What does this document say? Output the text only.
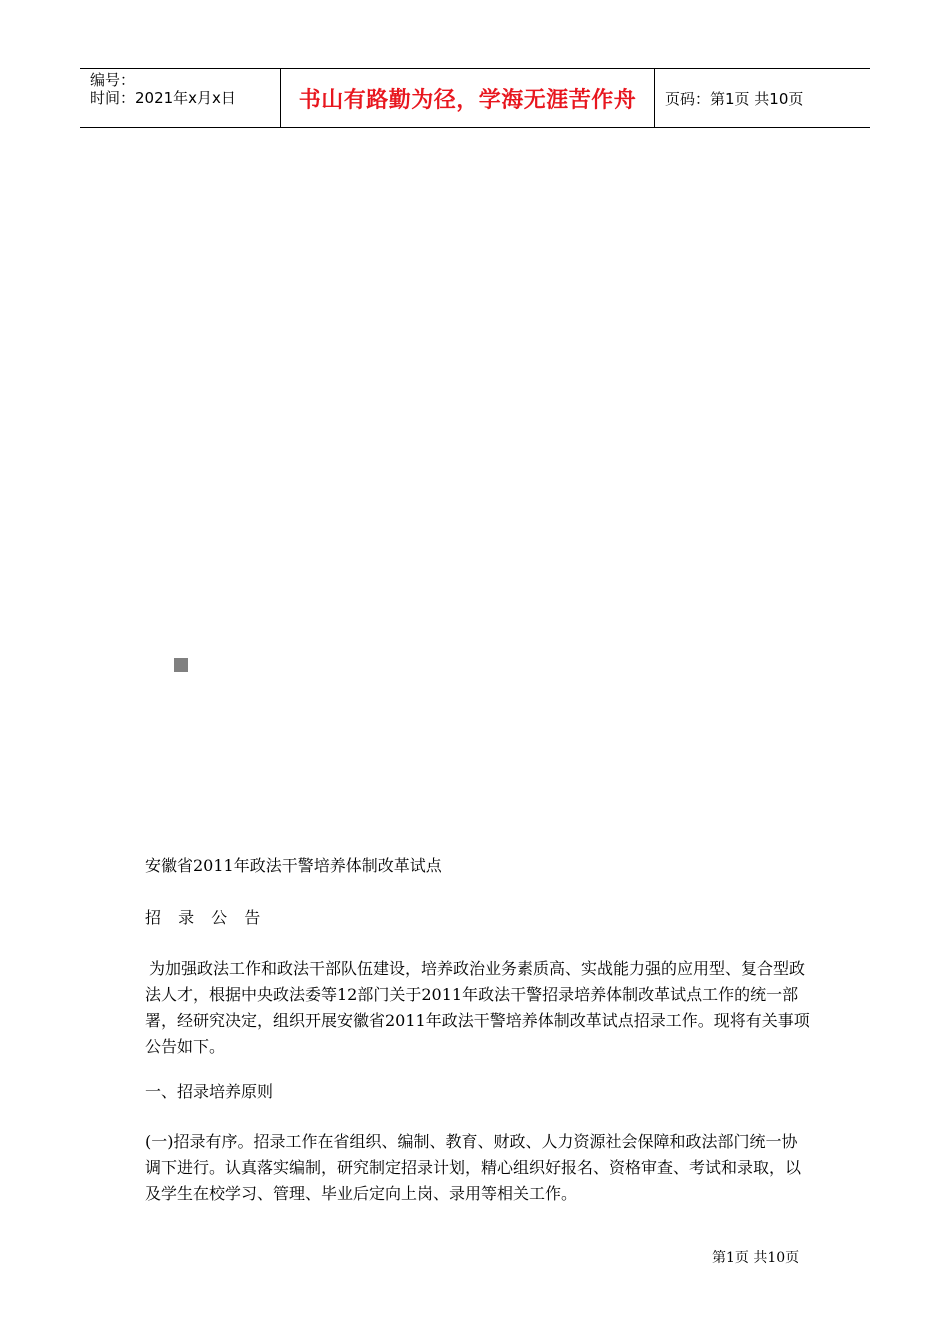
编号：
时间：2021年x月x日	书山有路勤为径，学海无涯苦作舟	页码：第1页 共10页
安徽省2011年政法干警培养体制改革试点
招 录 公 告
为加强政法工作和政法干部队伍建设，培养政治业务素质高、实战能力强的应用型、复合型政法人才，根据中央政法委等12部门关于2011年政法干警招录培养体制改革试点工作的统一部署，经研究决定，组织开展安徽省2011年政法干警培养体制改革试点招录工作。现将有关事项公告如下。
一、招录培养原则
(一)招录有序。招录工作在省组织、编制、教育、财政、人力资源社会保障和政法部门统一协调下进行。认真落实编制，研究制定招录计划，精心组织好报名、资格审查、考试和录取，以及学生在校学习、管理、毕业后定向上岗、录用等相关工作。
第1页 共10页
